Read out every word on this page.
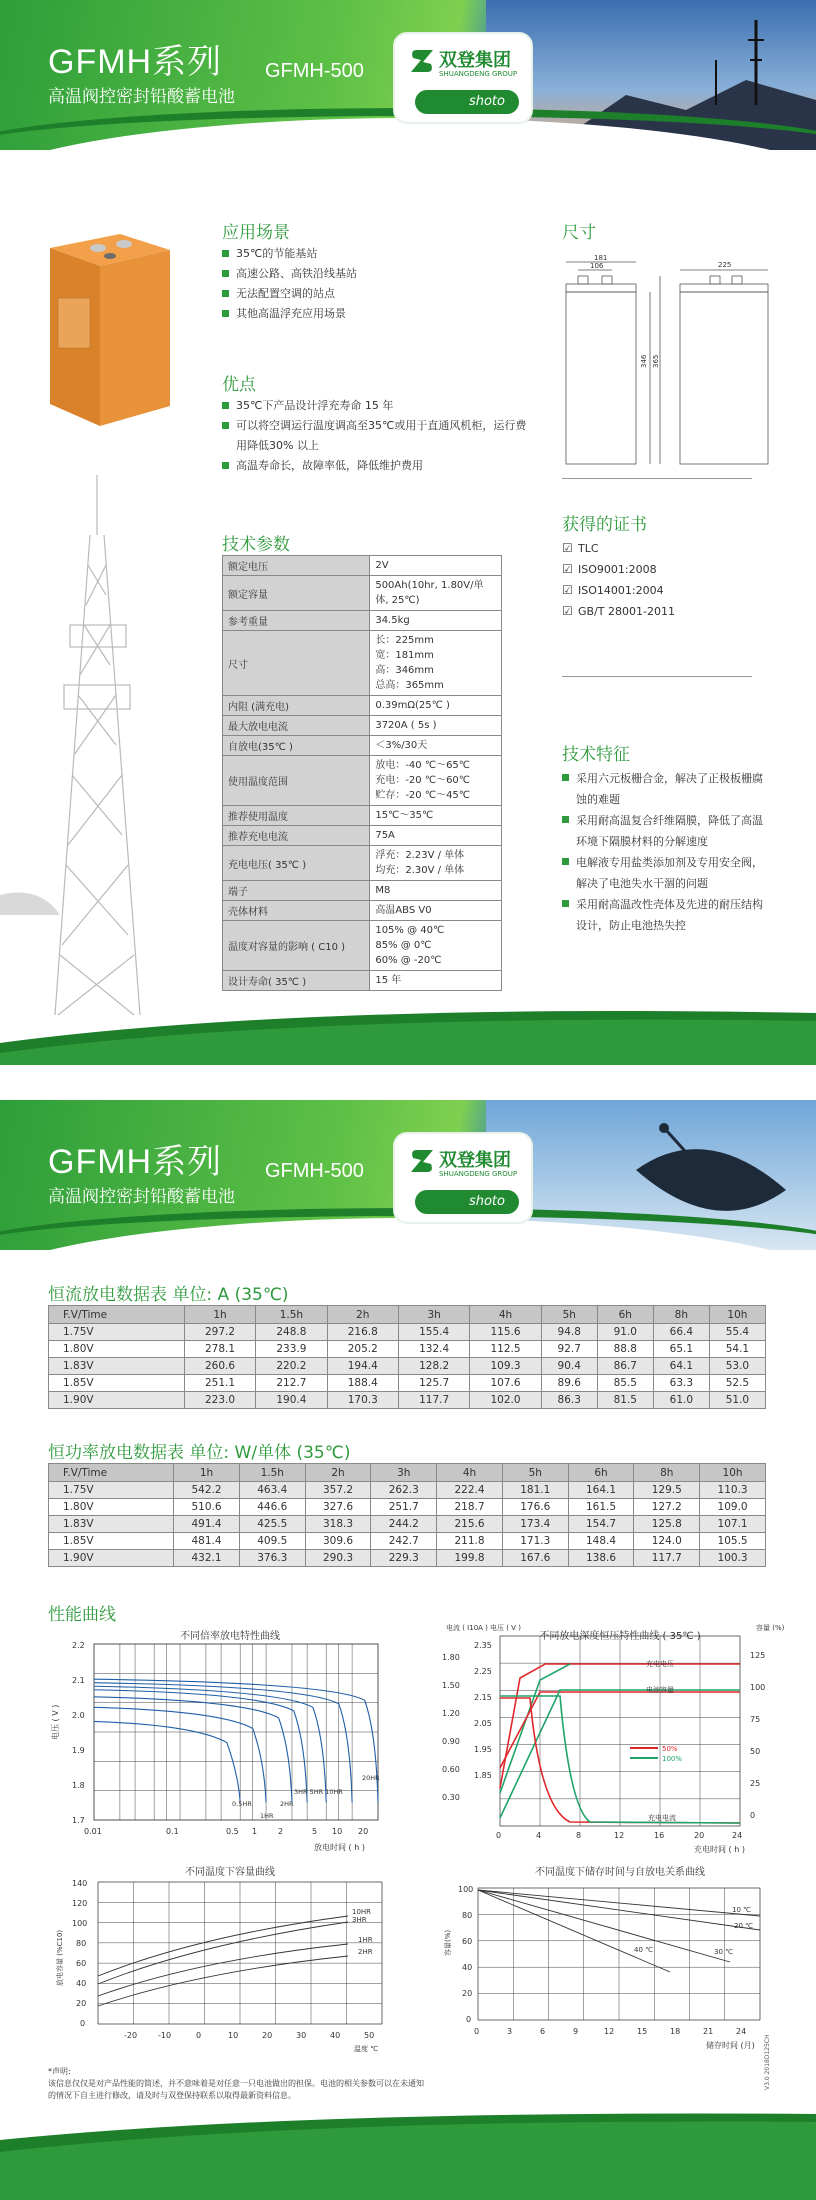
GFMH系列
高温阀控密封铅酸蓄电池
GFMH-500	双登集团
SHUANGDENG GROUP
shoto
应用场景
35℃的节能基站
高速公路、高铁沿线基站
无法配置空调的站点
其他高温浮充应用场景
优点
35℃下产品设计浮充寿命 15 年
可以将空调运行温度调高至35℃或用于直通风机柜，运行费用降低30% 以上
高温寿命长，故障率低，降低维护费用
尺寸
181
106	225
346 365
获得的证书
☑ TLC
☑ ISO9001:2008
☑ ISO14001:2004
☑ GB/T 28001-2011
技术参数
额定电压	2V

额定容量	500Ah(10hr, 1.80V/单体, 25℃)

参考重量	34.5kg

尺寸	长：225mm
宽：181mm
高：346mm
总高：365mm

内阻 (满充电)	0.39mΩ(25℃ )

最大放电电流	3720A ( 5s )

自放电(35℃ )	＜3%/30天

使用温度范围	放电：-40 ℃～65℃
充电：-20 ℃～60℃
贮存：-20 ℃～45℃

推荐使用温度	15℃～35℃

推荐充电电流	75A

充电电压( 35℃ )	浮充：2.23V / 单体
均充：2.30V / 单体

端子	M8

壳体材料	高温ABS V0

温度对容量的影响 ( C10 )	105% @ 40℃
85% @ 0℃
60% @ -20℃

设计寿命( 35℃ )	15 年
技术特征
采用六元板栅合金，解决了正极板栅腐蚀的难题
采用耐高温复合纤维隔膜，降低了高温环境下隔膜材料的分解速度
电解液专用盐类添加剂及专用安全阀，解决了电池失水干涸的问题
采用耐高温改性壳体及先进的耐压结构设计，防止电池热失控
GFMH系列
高温阀控密封铅酸蓄电池
GFMH-500	双登集团
SHUANGDENG GROUP
shoto
恒流放电数据表 单位: A (35℃)
F.V/Time	1h	1.5h	2h	3h	4h	5h	6h	8h	10h
1.75V	297.2	248.8	216.8	155.4	115.6	94.8	91.0	66.4	55.4
1.80V	278.1	233.9	205.2	132.4	112.5	92.7	88.8	65.1	54.1
1.83V	260.6	220.2	194.4	128.2	109.3	90.4	86.7	64.1	53.0
1.85V	251.1	212.7	188.4	125.7	107.6	89.6	85.5	63.3	52.5
1.90V	223.0	190.4	170.3	117.7	102.0	86.3	81.5	61.0	51.0
恒功率放电数据表 单位: W/单体 (35℃)
F.V/Time	1h	1.5h	2h	3h	4h	5h	6h	8h	10h
1.75V	542.2	463.4	357.2	262.3	222.4	181.1	164.1	129.5	110.3
1.80V	510.6	446.6	327.6	251.7	218.7	176.6	161.5	127.2	109.0
1.83V	491.4	425.5	318.3	244.2	215.6	173.4	154.7	125.8	107.1
1.85V	481.4	409.5	309.6	242.7	211.8	171.3	148.4	124.0	105.5
1.90V	432.1	376.3	290.3	229.3	199.8	167.6	138.6	117.7	100.3
性能曲线
不同倍率放电特性曲线
电压 ( V )
2.2
2.1
2.0
1.9
1.8
1.7
0.01	0.1	0.5 1	2	5 10 20
放电时间 ( h )
20HR
3HR 5HR 10HR
2HR
1HR
0.5HR
不同放电深度恒压特性曲线 ( 35℃ )
电流 ( I10A ) 电压 ( V )	容量 (%)
1.80
1.50
1.20
0.90
0.60
0.30
2.35
2.25
2.15
2.05
1.95
1.85
125
100
75
50
25
0
0	4	8	12	16	20	24
充电时间 ( h )
充电电压
电池容量
充电电流
50%
100%
不同温度下容量曲线
放电容量 (%C10)
140
120
100
80
60
40
20
0
-20	-10	0	10	20	30	40	50
温度 ℃
10HR
3HR
1HR
2HR
不同温度下储存时间与自放电关系曲线
容量(%)
100
80
60
40
20
0
0	3	6	9	12	15	18	21	24
储存时间 (月)
10 ℃
20 ℃
30 ℃
40 ℃
*声明:
该信息仅仅是对产品性能的简述，并不意味着是对任意一只电池做出的担保。电池的相关参数可以在未通知
的情况下自主进行修改，请及时与双登保持联系以取得最新资料信息。
V3.0 2018D125CH
